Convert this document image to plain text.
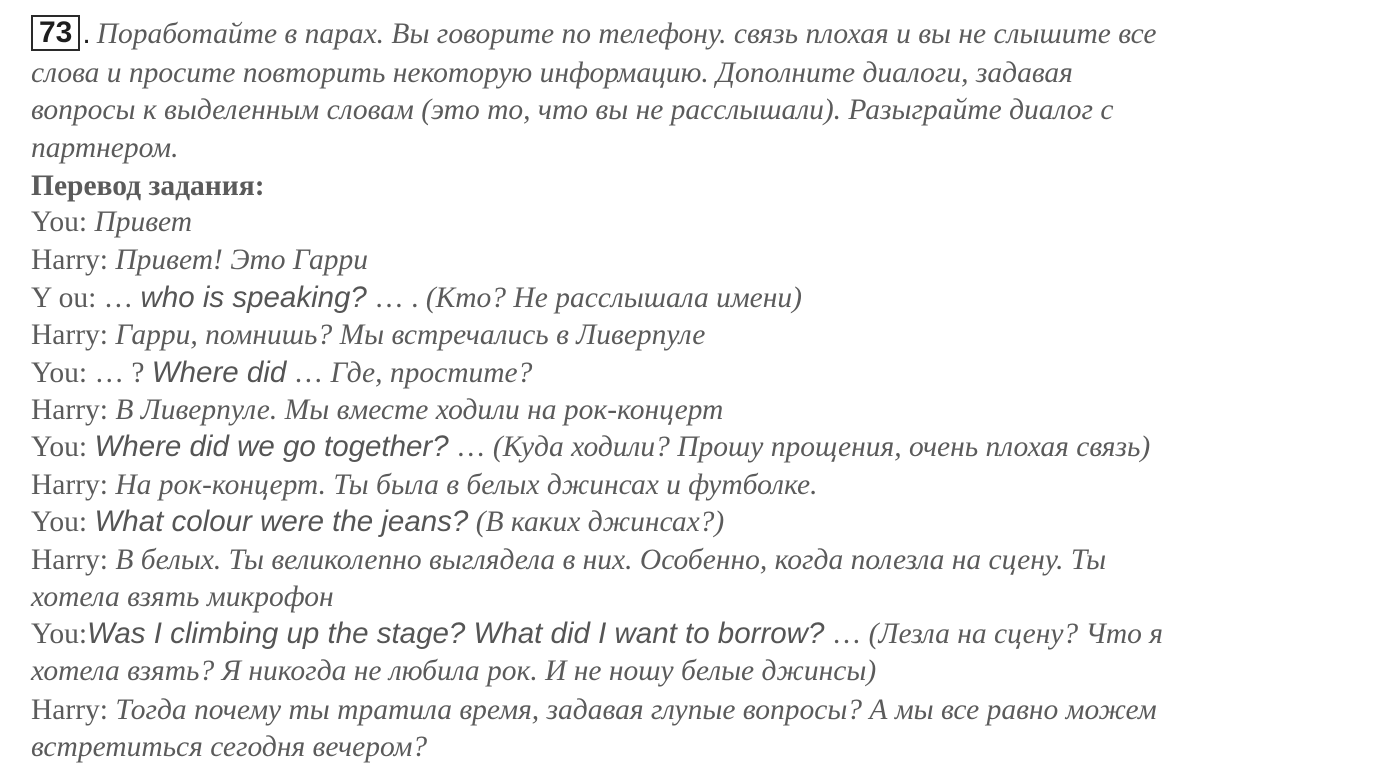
73 . Поработайте в парах. Вы говорите по телефону. связь плохая и вы не слышите все
слова и просите повторить некоторую информацию. Дополните диалоги, задавая
вопросы к выделенным словам (это то, что вы не расслышали). Разыграйте диалог с
партнером.
Перевод задания:
You: Привет
Harry: Привет! Это Гарри
Y ou: … who is speaking? … . (Кто? Не расслышала имени)
Harry: Гарри, помнишь? Мы встречались в Ливерпуле
You: … ? Where did … Где, простите?
Harry: В Ливерпуле. Мы вместе ходили на рок-концерт
You: Where did we go together? … (Куда ходили? Прошу прощения, очень плохая связь)
Harry: На рок-концерт. Ты была в белых джинсах и футболке.
You: What colour were the jeans? (В каких джинсах?)
Harry: В белых. Ты великолепно выглядела в них. Особенно, когда полезла на сцену. Ты
хотела взять микрофон
You:Was I climbing up the stage? What did I want to borrow? … (Лезла на сцену? Что я
хотела взять? Я никогда не любила рок. И не ношу белые джинсы)
Harry: Тогда почему ты тратила время, задавая глупые вопросы? А мы все равно можем
встретиться сегодня вечером?
